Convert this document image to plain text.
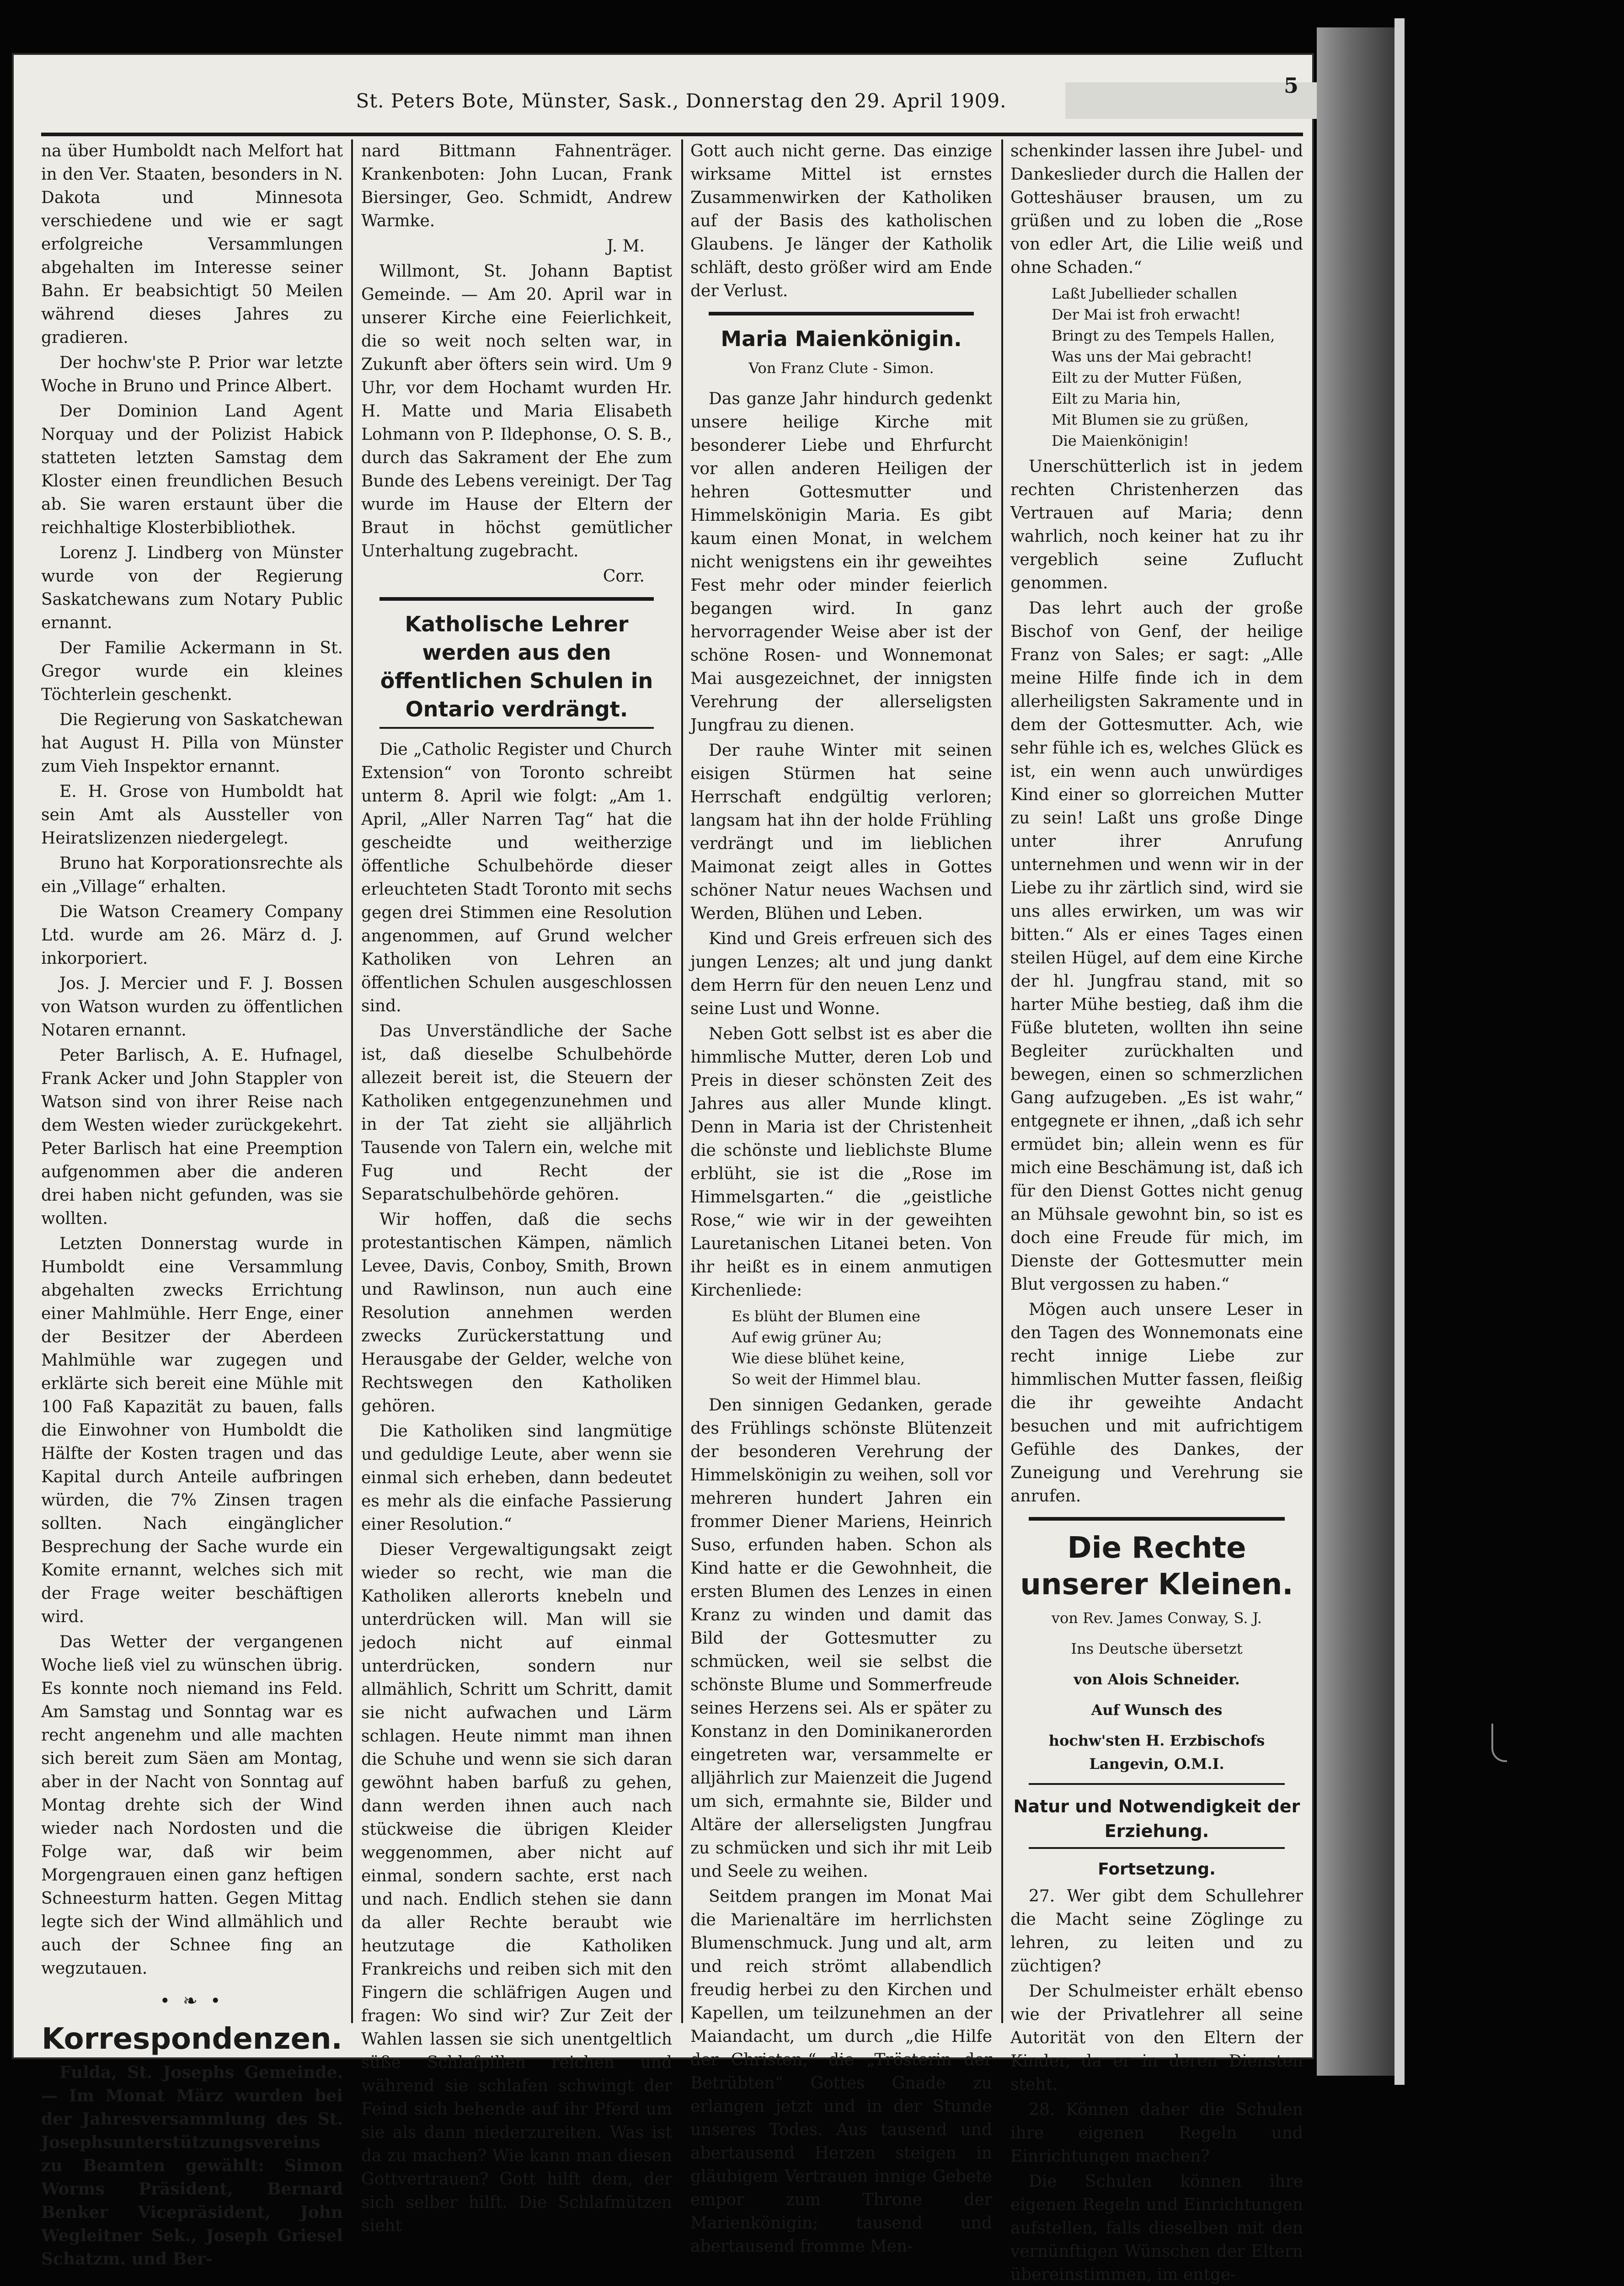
St. Peters Bote, Münster, Sask., Donnerstag den 29. April 1909.
5

na über Humboldt nach Melfort hat in den Ver. Staaten, besonders in N. Dakota und Minnesota verschiedene und wie er sagt erfolgreiche Versammlungen abgehalten im Interesse seiner Bahn. Er beabsichtigt 50 Meilen während dieses Jahres zu gradieren.

Der hochw'ste P. Prior war letzte Woche in Bruno und Prince Albert.

Der Dominion Land Agent Norquay und der Polizist Habick statteten letzten Samstag dem Kloster einen freundlichen Besuch ab. Sie waren erstaunt über die reichhaltige Klosterbibliothek.

Lorenz J. Lindberg von Münster wurde von der Regierung Saskatchewans zum Notary Public ernannt.

Der Familie Ackermann in St. Gregor wurde ein kleines Töchterlein geschenkt.

Die Regierung von Saskatchewan hat August H. Pilla von Münster zum Vieh Inspektor ernannt.

E. H. Grose von Humboldt hat sein Amt als Aussteller von Heiratslizenzen niedergelegt.

Bruno hat Korporationsrechte als ein „Village“ erhalten.

Die Watson Creamery Company Ltd. wurde am 26. März d. J. inkorporiert.

Jos. J. Mercier und F. J. Bossen von Watson wurden zu öffentlichen Notaren ernannt.

Peter Barlisch, A. E. Hufnagel, Frank Acker und John Stappler von Watson sind von ihrer Reise nach dem Westen wieder zurückgekehrt. Peter Barlisch hat eine Preemption aufgenommen aber die anderen drei haben nicht gefunden, was sie wollten.

Letzten Donnerstag wurde in Humboldt eine Versammlung abgehalten zwecks Errichtung einer Mahlmühle. Herr Enge, einer der Besitzer der Aberdeen Mahlmühle war zugegen und erklärte sich bereit eine Mühle mit 100 Faß Kapazität zu bauen, falls die Einwohner von Humboldt die Hälfte der Kosten tragen und das Kapital durch Anteile aufbringen würden, die 7% Zinsen tragen sollten. Nach eingänglicher Besprechung der Sache wurde ein Komite ernannt, welches sich mit der Frage weiter beschäftigen wird.

Das Wetter der vergangenen Woche ließ viel zu wünschen übrig. Es konnte noch niemand ins Feld. Am Samstag und Sonntag war es recht angenehm und alle machten sich bereit zum Säen am Montag, aber in der Nacht von Sonntag auf Montag drehte sich der Wind wieder nach Nordosten und die Folge war, daß wir beim Morgengrauen einen ganz heftigen Schneesturm hatten. Gegen Mittag legte sich der Wind allmählich und auch der Schnee fing an wegzutauen.

• ❧ •
Korrespondenzen.

Fulda, St. Josephs Gemeinde. — Im Monat März wurden bei der Jahresversammlung des St. Josephsunterstützungsvereins zu Beamten gewählt: Simon Worms Präsident, Bernard Benker Vicepräsident, John Wegleitner Sek., Joseph Griesel Schatzm. und Ber-

nard Bittmann Fahnenträger. Krankenboten: John Lucan, Frank Biersinger, Geo. Schmidt, Andrew Warmke.

J. M.

Willmont, St. Johann Baptist Gemeinde. — Am 20. April war in unserer Kirche eine Feierlichkeit, die so weit noch selten war, in Zukunft aber öfters sein wird. Um 9 Uhr, vor dem Hochamt wurden Hr. H. Matte und Maria Elisabeth Lohmann von P. Ildephonse, O. S. B., durch das Sakrament der Ehe zum Bunde des Lebens vereinigt. Der Tag wurde im Hause der Eltern der Braut in höchst gemütlicher Unterhaltung zugebracht.

Corr.

Katholische Lehrer werden aus den öffentlichen Schulen in Ontario verdrängt.

Die „Catholic Register und Church Extension“ von Toronto schreibt unterm 8. April wie folgt: „Am 1. April, „Aller Narren Tag“ hat die gescheidte und weitherzige öffentliche Schulbehörde dieser erleuchteten Stadt Toronto mit sechs gegen drei Stimmen eine Resolution angenommen, auf Grund welcher Katholiken von Lehren an öffentlichen Schulen ausgeschlossen sind.

Das Unverständliche der Sache ist, daß dieselbe Schulbehörde allezeit bereit ist, die Steuern der Katholiken entgegenzunehmen und in der Tat zieht sie alljährlich Tausende von Talern ein, welche mit Fug und Recht der Separatschulbehörde gehören.

Wir hoffen, daß die sechs protestantischen Kämpen, nämlich Levee, Davis, Conboy, Smith, Brown und Rawlinson, nun auch eine Resolution annehmen werden zwecks Zurückerstattung und Herausgabe der Gelder, welche von Rechtswegen den Katholiken gehören.

Die Katholiken sind langmütige und geduldige Leute, aber wenn sie einmal sich erheben, dann bedeutet es mehr als die einfache Passierung einer Resolution.“

Dieser Vergewaltigungsakt zeigt wieder so recht, wie man die Katholiken allerorts knebeln und unterdrücken will. Man will sie jedoch nicht auf einmal unterdrücken, sondern nur allmählich, Schritt um Schritt, damit sie nicht aufwachen und Lärm schlagen. Heute nimmt man ihnen die Schuhe und wenn sie sich daran gewöhnt haben barfuß zu gehen, dann werden ihnen auch nach stückweise die übrigen Kleider weggenommen, aber nicht auf einmal, sondern sachte, erst nach und nach. Endlich stehen sie dann da aller Rechte beraubt wie heutzutage die Katholiken Frankreichs und reiben sich mit den Fingern die schläfrigen Augen und fragen: Wo sind wir? Zur Zeit der Wahlen lassen sie sich unentgeltlich süße Schlafpillen reichen und während sie schlafen schwingt der Feind sich behende auf ihr Pferd um sie als dann niederzureiten. Was ist da zu machen? Wie kann man diesen Gottvertrauen? Gott hilft dem, der sich selber hilft. Die Schlafmützen sieht

Gott auch nicht gerne. Das einzige wirksame Mittel ist ernstes Zusammenwirken der Katholiken auf der Basis des katholischen Glaubens. Je länger der Katholik schläft, desto größer wird am Ende der Verlust.

Maria Maienkönigin.
Von Franz Clute - Simon.

Das ganze Jahr hindurch gedenkt unsere heilige Kirche mit besonderer Liebe und Ehrfurcht vor allen anderen Heiligen der hehren Gottesmutter und Himmelskönigin Maria. Es gibt kaum einen Monat, in welchem nicht wenigstens ein ihr geweihtes Fest mehr oder minder feierlich begangen wird. In ganz hervorragender Weise aber ist der schöne Rosen- und Wonnemonat Mai ausgezeichnet, der innigsten Verehrung der allerseligsten Jungfrau zu dienen.

Der rauhe Winter mit seinen eisigen Stürmen hat seine Herrschaft endgültig verloren; langsam hat ihn der holde Frühling verdrängt und im lieblichen Maimonat zeigt alles in Gottes schöner Natur neues Wachsen und Werden, Blühen und Leben.

Kind und Greis erfreuen sich des jungen Lenzes; alt und jung dankt dem Herrn für den neuen Lenz und seine Lust und Wonne.

Neben Gott selbst ist es aber die himmlische Mutter, deren Lob und Preis in dieser schönsten Zeit des Jahres aus aller Munde klingt. Denn in Maria ist der Christenheit die schönste und lieblichste Blume erblüht, sie ist die „Rose im Himmelsgarten.“ die „geistliche Rose,“ wie wir in der geweihten Lauretanischen Litanei beten. Von ihr heißt es in einem anmutigen Kirchenliede:

Es blüht der Blumen eine
Auf ewig grüner Au;
Wie diese blühet keine,
So weit der Himmel blau.

Den sinnigen Gedanken, gerade des Frühlings schönste Blütenzeit der besonderen Verehrung der Himmelskönigin zu weihen, soll vor mehreren hundert Jahren ein frommer Diener Mariens, Heinrich Suso, erfunden haben. Schon als Kind hatte er die Gewohnheit, die ersten Blumen des Lenzes in einen Kranz zu winden und damit das Bild der Gottesmutter zu schmücken, weil sie selbst die schönste Blume und Sommerfreude seines Herzens sei. Als er später zu Konstanz in den Dominikanerorden eingetreten war, versammelte er alljährlich zur Maienzeit die Jugend um sich, ermahnte sie, Bilder und Altäre der allerseligsten Jungfrau zu schmücken und sich ihr mit Leib und Seele zu weihen.

Seitdem prangen im Monat Mai die Marienaltäre im herrlichsten Blumenschmuck. Jung und alt, arm und reich strömt allabendlich freudig herbei zu den Kirchen und Kapellen, um teilzunehmen an der Maiandacht, um durch „die Hilfe der Christen,“ die „Trösterin der Betrübten“ Gottes Gnade zu erlangen jetzt und in der Stunde unseres Todes. Aus tausend und abertausend Herzen steigen in gläubigem Vertrauen innige Gebete empor zum Throne der Marienkönigin; tausend und abertausend fromme Men-

schenkinder lassen ihre Jubel- und Dankeslieder durch die Hallen der Gotteshäuser brausen, um zu grüßen und zu loben die „Rose von edler Art, die Lilie weiß und ohne Schaden.“

Laßt Jubellieder schallen
Der Mai ist froh erwacht!
Bringt zu des Tempels Hallen,
Was uns der Mai gebracht!
Eilt zu der Mutter Füßen,
Eilt zu Maria hin,
Mit Blumen sie zu grüßen,
Die Maienkönigin!

Unerschütterlich ist in jedem rechten Christenherzen das Vertrauen auf Maria; denn wahrlich, noch keiner hat zu ihr vergeblich seine Zuflucht genommen.

Das lehrt auch der große Bischof von Genf, der heilige Franz von Sales; er sagt: „Alle meine Hilfe finde ich in dem allerheiligsten Sakramente und in dem der Gottesmutter. Ach, wie sehr fühle ich es, welches Glück es ist, ein wenn auch unwürdiges Kind einer so glorreichen Mutter zu sein! Laßt uns große Dinge unter ihrer Anrufung unternehmen und wenn wir in der Liebe zu ihr zärtlich sind, wird sie uns alles erwirken, um was wir bitten.“ Als er eines Tages einen steilen Hügel, auf dem eine Kirche der hl. Jungfrau stand, mit so harter Mühe bestieg, daß ihm die Füße bluteten, wollten ihn seine Begleiter zurückhalten und bewegen, einen so schmerzlichen Gang aufzugeben. „Es ist wahr,“ entgegnete er ihnen, „daß ich sehr ermüdet bin; allein wenn es für mich eine Beschämung ist, daß ich für den Dienst Gottes nicht genug an Mühsale gewohnt bin, so ist es doch eine Freude für mich, im Dienste der Gottesmutter mein Blut vergossen zu haben.“

Mögen auch unsere Leser in den Tagen des Wonnemonats eine recht innige Liebe zur himmlischen Mutter fassen, fleißig die ihr geweihte Andacht besuchen und mit aufrichtigem Gefühle des Dankes, der Zuneigung und Verehrung sie anrufen.

Die Rechte unserer Kleinen.
von Rev. James Conway, S. J.
Ins Deutsche übersetzt
von Alois Schneider.
Auf Wunsch des
hochw'sten H. Erzbischofs Langevin, O.M.I.
Natur und Notwendigkeit der Erziehung.
Fortsetzung.

27. Wer gibt dem Schullehrer die Macht seine Zöglinge zu lehren, zu leiten und zu züchtigen?

Der Schulmeister erhält ebenso wie der Privatlehrer all seine Autorität von den Eltern der Kinder, da er in deren Diensten steht.

28. Können daher die Schulen ihre eigenen Regeln und Einrichtungen machen?

Die Schulen können ihre eigenen Regeln und Einrichtungen aufstellen, falls dieselben mit den vernünftigen Wünschen der Eltern übereinstimmen, im entge-
